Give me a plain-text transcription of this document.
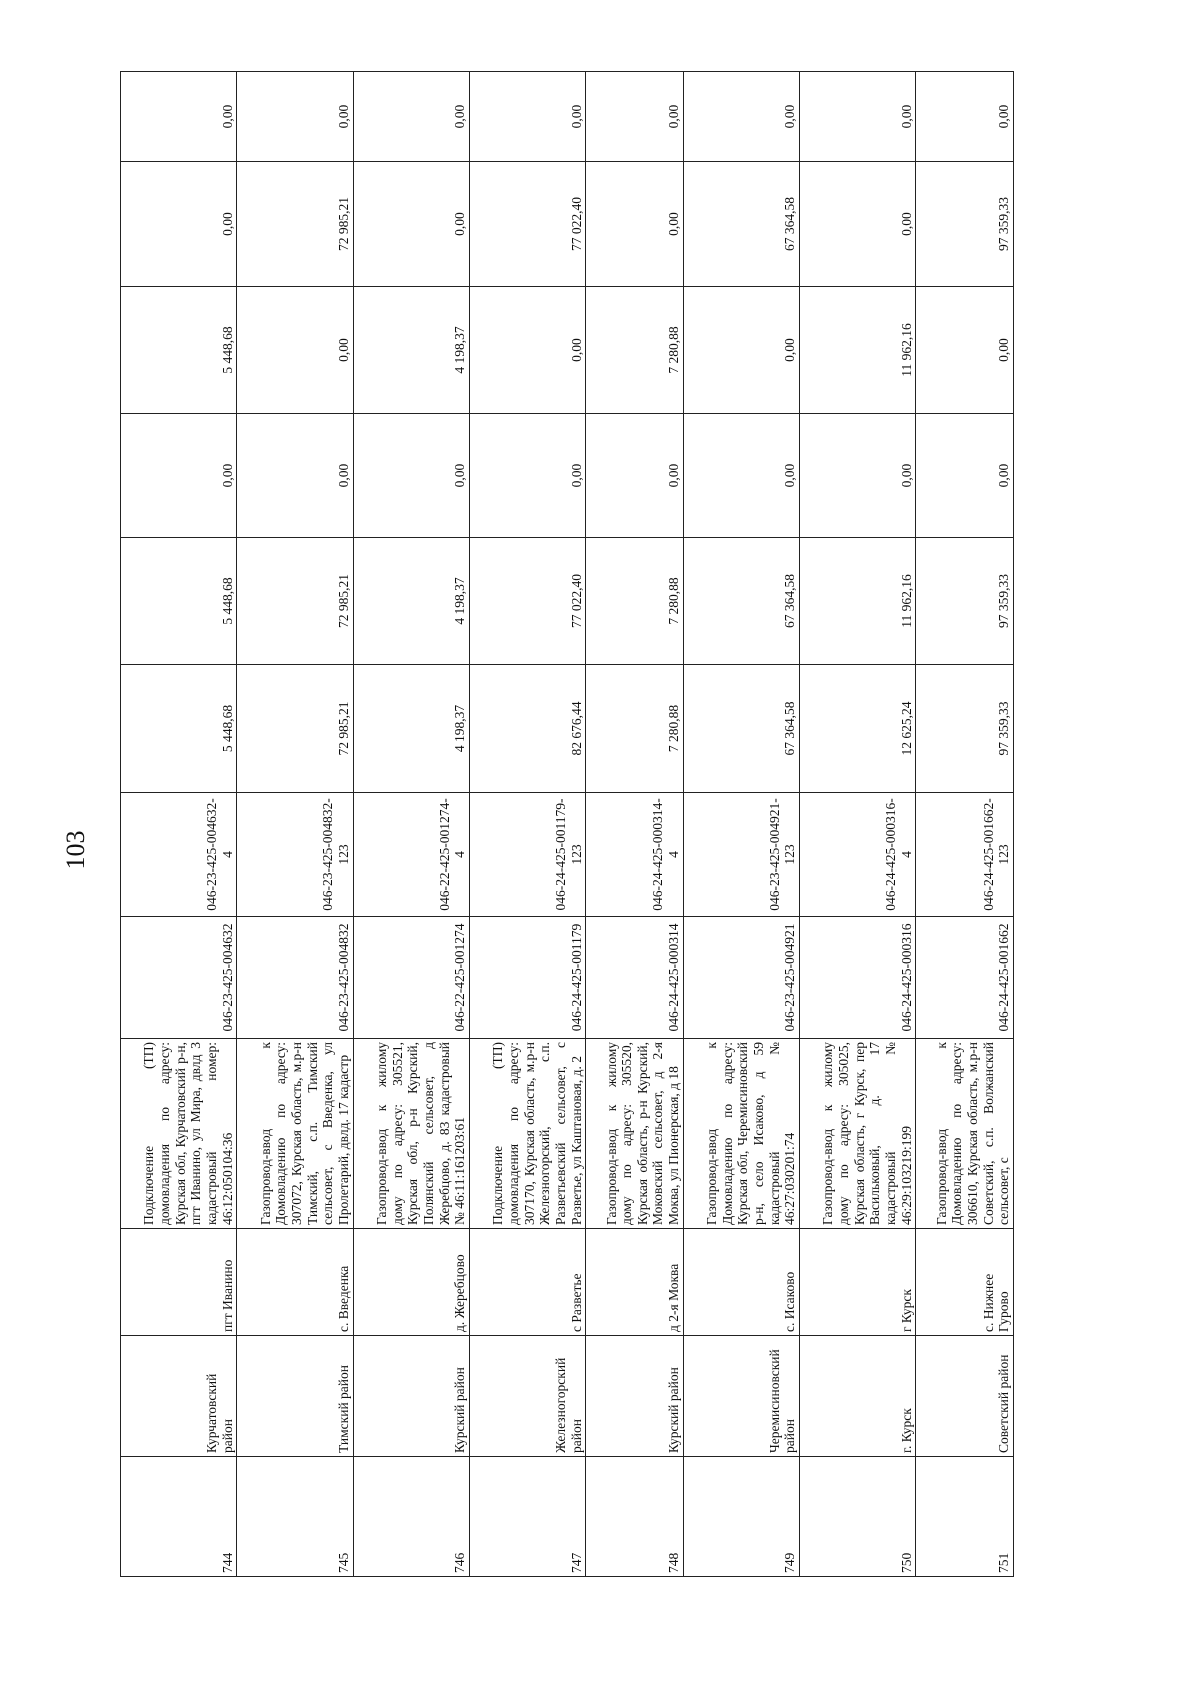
103
744	Курчатовский район	пгт Иванино	Подключение (ТП) домовладения по адресу: Курская обл, Курчатовский р-н, пгт Иванино, ул Мира, двлд 3 кадастровый номер: 46:12:050104:36	046-23-425-004632	046-23-425-004632-4	5 448,68	5 448,68	0,00	5 448,68	0,00	0,00
745	Тимский район	с. Введенка	Газопровод-ввод к Домовладению по адресу: 307072, Курская область, м.р-н Тимский, с.п. Тимский сельсовет, с Введенка, ул Пролетарий, двлд. 17 кадастр	046-23-425-004832	046-23-425-004832-123	72 985,21	72 985,21	0,00	0,00	72 985,21	0,00
746	Курский район	д. Жеребцово	Газопровод-ввод к жилому дому по адресу: 305521, Курская обл, р-н Курский, Полянский сельсовет, д Жеребцово, д. 83 кадастровый № 46:11:161203:61	046-22-425-001274	046-22-425-001274-4	4 198,37	4 198,37	0,00	4 198,37	0,00	0,00
747	Железногорский район	с Разветье	Подключение (ТП) домовладения по адресу: 307170, Курская область, м.р-н Железногорский, с.п. Разветьевский сельсовет, с Разветье, ул Каштановая, д. 2	046-24-425-001179	046-24-425-001179-123	82 676,44	77 022,40	0,00	0,00	77 022,40	0,00
748	Курский район	д 2-я Моква	Газопровод-ввод к жилому дому по адресу: 305520, Курская область, р-н Курский, Моковский сельсовет, д 2-я Моква, ул Пионерская, д 18	046-24-425-000314	046-24-425-000314-4	7 280,88	7 280,88	0,00	7 280,88	0,00	0,00
749	Черемисиновский район	с. Исаково	Газопровод-ввод к Домовладению по адресу: Курская обл, Черемисиновский р-н, село Исаково, д 59 кадастровый № 46:27:030201:74	046-23-425-004921	046-23-425-004921-123	67 364,58	67 364,58	0,00	0,00	67 364,58	0,00
750	г. Курск	г Курск	Газопровод-ввод к жилому дому по адресу: 305025, Курская область, г Курск, пер Васильковый, д. 17 кадастровый № 46:29:103219:199	046-24-425-000316	046-24-425-000316-4	12 625,24	11 962,16	0,00	11 962,16	0,00	0,00
751	Советский район	с. Нижнее Гурово	Газопровод-ввод к Домовладению по адресу: 306610, Курская область, м.р-н Советский, с.п. Волжанский сельсовет, с	046-24-425-001662	046-24-425-001662-123	97 359,33	97 359,33	0,00	0,00	97 359,33	0,00
